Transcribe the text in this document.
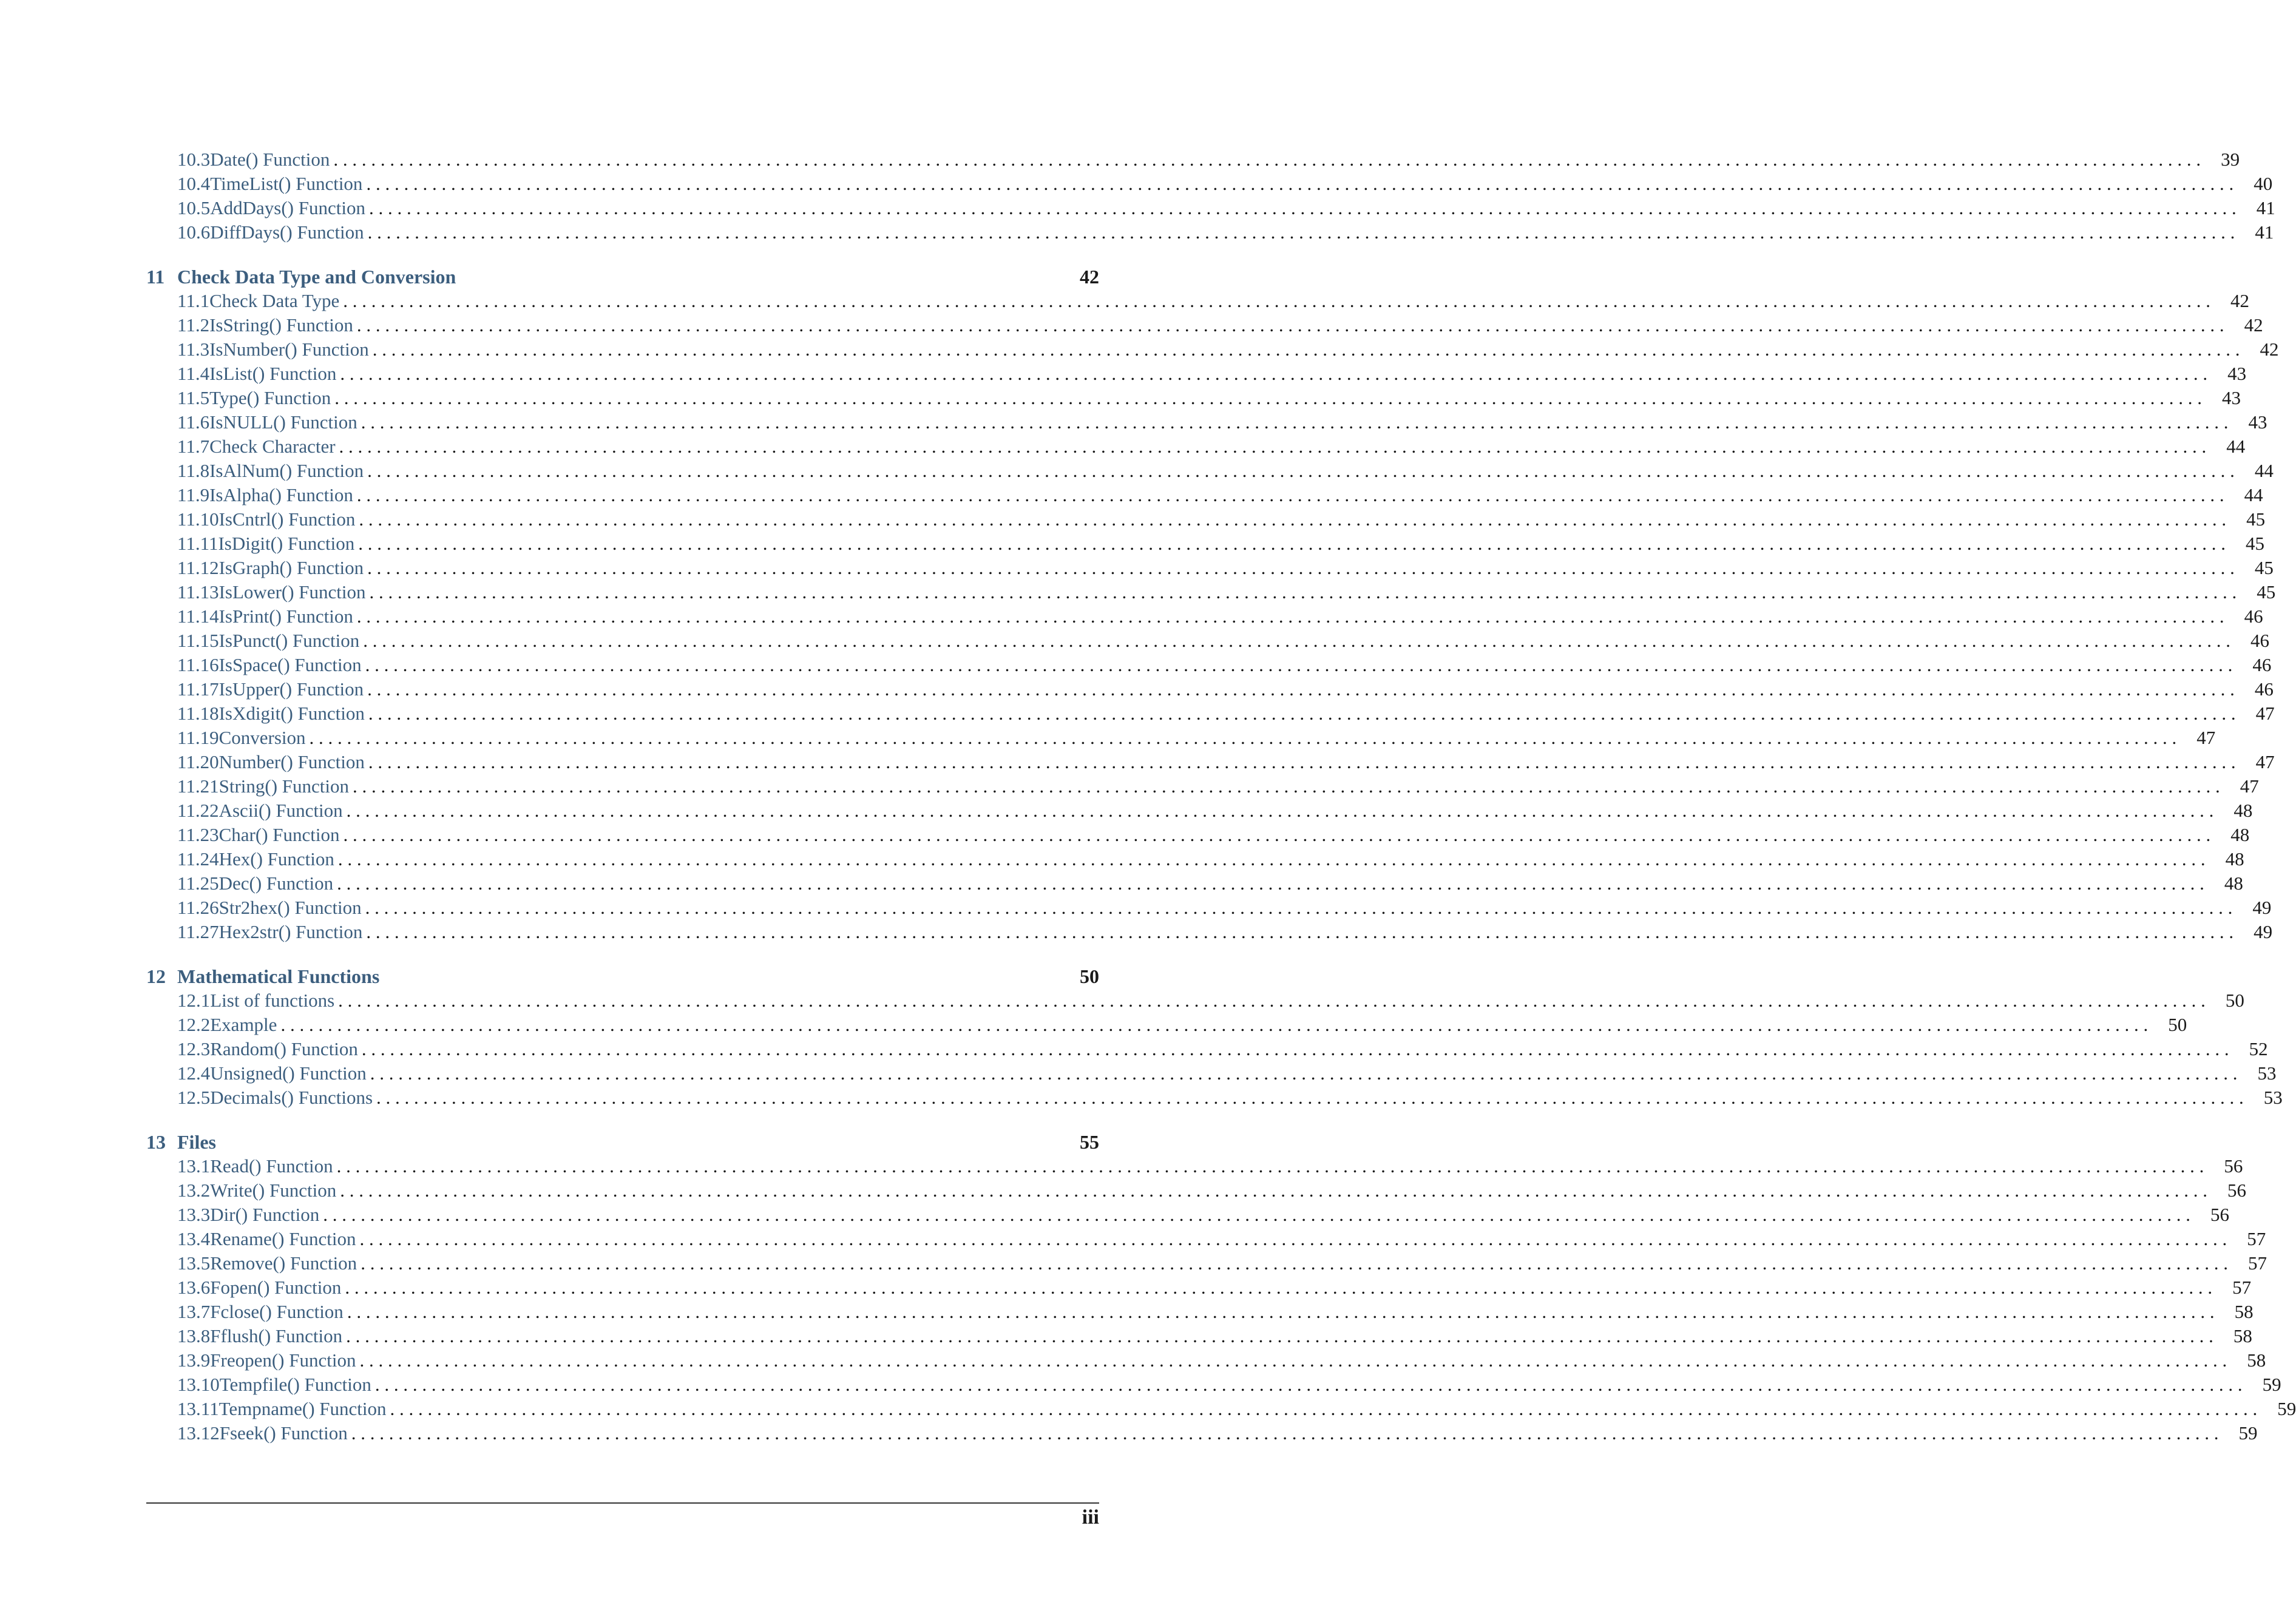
10.3 Date() Function . . . . . . . . . . . . . . . . . . . . . . . . . . . . . . . . . . . . . . . . . . . . . . . . . . . . . . . . . . . . . . . . . . . . . . . . . . . . . . . . . . . . . . . . . . . . . . . . . . . . . . . . . . . . . . . . . . . . . . . . . . . . . . . . . . . . . . . . . . . . . . . . . . . . . . . . . . . . . . . . . . . . . . . . . . . . . . . . . . . . . . . . . . . . . . . . . . . . . . . 39
10.4 TimeList() Function . . . . . . . . . . . . . . . . . . . . . . . . . . . . . . . . . . . . . . . . . . . . . . . . . . . . . . . . . . . . . . . . . . . . . . . . . . . . . . . . . . . . . . . . . . . . . . . . . . . . . . . . . . . . . . . . . . . . . . . . . . . . . . . . . . . . . . . . . . . . . . . . . . . . . . . . . . . . . . . . . . . . . . . . . . . . . . . . . . . . . . . . . . . . . . . . . . . . . . . 40
10.5 AddDays() Function . . . . . . . . . . . . . . . . . . . . . . . . . . . . . . . . . . . . . . . . . . . . . . . . . . . . . . . . . . . . . . . . . . . . . . . . . . . . . . . . . . . . . . . . . . . . . . . . . . . . . . . . . . . . . . . . . . . . . . . . . . . . . . . . . . . . . . . . . . . . . . . . . . . . . . . . . . . . . . . . . . . . . . . . . . . . . . . . . . . . . . . . . . . . . . . . . . . . . . . 41
10.6 DiffDays() Function . . . . . . . . . . . . . . . . . . . . . . . . . . . . . . . . . . . . . . . . . . . . . . . . . . . . . . . . . . . . . . . . . . . . . . . . . . . . . . . . . . . . . . . . . . . . . . . . . . . . . . . . . . . . . . . . . . . . . . . . . . . . . . . . . . . . . . . . . . . . . . . . . . . . . . . . . . . . . . . . . . . . . . . . . . . . . . . . . . . . . . . . . . . . . . . . . . . . . . . 41
11 Check Data Type and Conversion	42
11.1 Check Data Type . . . . . . . . . . . . . . . . . . . . . . . . . . . . . . . . . . . . . . . . . . . . . . . . . . . . . . . . . . . . . . . . . . . . . . . . . . . . . . . . . . . . . . . . . . . . . . . . . . . . . . . . . . . . . . . . . . . . . . . . . . . . . . . . . . . . . . . . . . . . . . . . . . . . . . . . . . . . . . . . . . . . . . . . . . . . . . . . . . . . . . . . . . . . . . . . . . . . . . . 42
11.2 IsString() Function . . . . . . . . . . . . . . . . . . . . . . . . . . . . . . . . . . . . . . . . . . . . . . . . . . . . . . . . . . . . . . . . . . . . . . . . . . . . . . . . . . . . . . . . . . . . . . . . . . . . . . . . . . . . . . . . . . . . . . . . . . . . . . . . . . . . . . . . . . . . . . . . . . . . . . . . . . . . . . . . . . . . . . . . . . . . . . . . . . . . . . . . . . . . . . . . . . . . . . . 42
11.3 IsNumber() Function . . . . . . . . . . . . . . . . . . . . . . . . . . . . . . . . . . . . . . . . . . . . . . . . . . . . . . . . . . . . . . . . . . . . . . . . . . . . . . . . . . . . . . . . . . . . . . . . . . . . . . . . . . . . . . . . . . . . . . . . . . . . . . . . . . . . . . . . . . . . . . . . . . . . . . . . . . . . . . . . . . . . . . . . . . . . . . . . . . . . . . . . . . . . . . . . . . . . . . . 42
11.4 IsList() Function . . . . . . . . . . . . . . . . . . . . . . . . . . . . . . . . . . . . . . . . . . . . . . . . . . . . . . . . . . . . . . . . . . . . . . . . . . . . . . . . . . . . . . . . . . . . . . . . . . . . . . . . . . . . . . . . . . . . . . . . . . . . . . . . . . . . . . . . . . . . . . . . . . . . . . . . . . . . . . . . . . . . . . . . . . . . . . . . . . . . . . . . . . . . . . . . . . . . . . . 43
11.5 Type() Function . . . . . . . . . . . . . . . . . . . . . . . . . . . . . . . . . . . . . . . . . . . . . . . . . . . . . . . . . . . . . . . . . . . . . . . . . . . . . . . . . . . . . . . . . . . . . . . . . . . . . . . . . . . . . . . . . . . . . . . . . . . . . . . . . . . . . . . . . . . . . . . . . . . . . . . . . . . . . . . . . . . . . . . . . . . . . . . . . . . . . . . . . . . . . . . . . . . . . . . 43
11.6 IsNULL() Function . . . . . . . . . . . . . . . . . . . . . . . . . . . . . . . . . . . . . . . . . . . . . . . . . . . . . . . . . . . . . . . . . . . . . . . . . . . . . . . . . . . . . . . . . . . . . . . . . . . . . . . . . . . . . . . . . . . . . . . . . . . . . . . . . . . . . . . . . . . . . . . . . . . . . . . . . . . . . . . . . . . . . . . . . . . . . . . . . . . . . . . . . . . . . . . . . . . . . . . 43
11.7 Check Character . . . . . . . . . . . . . . . . . . . . . . . . . . . . . . . . . . . . . . . . . . . . . . . . . . . . . . . . . . . . . . . . . . . . . . . . . . . . . . . . . . . . . . . . . . . . . . . . . . . . . . . . . . . . . . . . . . . . . . . . . . . . . . . . . . . . . . . . . . . . . . . . . . . . . . . . . . . . . . . . . . . . . . . . . . . . . . . . . . . . . . . . . . . . . . . . . . . . . . . 44
11.8 IsAlNum() Function . . . . . . . . . . . . . . . . . . . . . . . . . . . . . . . . . . . . . . . . . . . . . . . . . . . . . . . . . . . . . . . . . . . . . . . . . . . . . . . . . . . . . . . . . . . . . . . . . . . . . . . . . . . . . . . . . . . . . . . . . . . . . . . . . . . . . . . . . . . . . . . . . . . . . . . . . . . . . . . . . . . . . . . . . . . . . . . . . . . . . . . . . . . . . . . . . . . . . . . 44
11.9 IsAlpha() Function . . . . . . . . . . . . . . . . . . . . . . . . . . . . . . . . . . . . . . . . . . . . . . . . . . . . . . . . . . . . . . . . . . . . . . . . . . . . . . . . . . . . . . . . . . . . . . . . . . . . . . . . . . . . . . . . . . . . . . . . . . . . . . . . . . . . . . . . . . . . . . . . . . . . . . . . . . . . . . . . . . . . . . . . . . . . . . . . . . . . . . . . . . . . . . . . . . . . . . . 44
11.10 IsCntrl() Function . . . . . . . . . . . . . . . . . . . . . . . . . . . . . . . . . . . . . . . . . . . . . . . . . . . . . . . . . . . . . . . . . . . . . . . . . . . . . . . . . . . . . . . . . . . . . . . . . . . . . . . . . . . . . . . . . . . . . . . . . . . . . . . . . . . . . . . . . . . . . . . . . . . . . . . . . . . . . . . . . . . . . . . . . . . . . . . . . . . . . . . . . . . . . . . . . . . . . . . 45
11.11 IsDigit() Function . . . . . . . . . . . . . . . . . . . . . . . . . . . . . . . . . . . . . . . . . . . . . . . . . . . . . . . . . . . . . . . . . . . . . . . . . . . . . . . . . . . . . . . . . . . . . . . . . . . . . . . . . . . . . . . . . . . . . . . . . . . . . . . . . . . . . . . . . . . . . . . . . . . . . . . . . . . . . . . . . . . . . . . . . . . . . . . . . . . . . . . . . . . . . . . . . . . . . . . 45
11.12 IsGraph() Function . . . . . . . . . . . . . . . . . . . . . . . . . . . . . . . . . . . . . . . . . . . . . . . . . . . . . . . . . . . . . . . . . . . . . . . . . . . . . . . . . . . . . . . . . . . . . . . . . . . . . . . . . . . . . . . . . . . . . . . . . . . . . . . . . . . . . . . . . . . . . . . . . . . . . . . . . . . . . . . . . . . . . . . . . . . . . . . . . . . . . . . . . . . . . . . . . . . . . . . 45
11.13 IsLower() Function . . . . . . . . . . . . . . . . . . . . . . . . . . . . . . . . . . . . . . . . . . . . . . . . . . . . . . . . . . . . . . . . . . . . . . . . . . . . . . . . . . . . . . . . . . . . . . . . . . . . . . . . . . . . . . . . . . . . . . . . . . . . . . . . . . . . . . . . . . . . . . . . . . . . . . . . . . . . . . . . . . . . . . . . . . . . . . . . . . . . . . . . . . . . . . . . . . . . . . . 45
11.14 IsPrint() Function . . . . . . . . . . . . . . . . . . . . . . . . . . . . . . . . . . . . . . . . . . . . . . . . . . . . . . . . . . . . . . . . . . . . . . . . . . . . . . . . . . . . . . . . . . . . . . . . . . . . . . . . . . . . . . . . . . . . . . . . . . . . . . . . . . . . . . . . . . . . . . . . . . . . . . . . . . . . . . . . . . . . . . . . . . . . . . . . . . . . . . . . . . . . . . . . . . . . . . . 46
11.15 IsPunct() Function . . . . . . . . . . . . . . . . . . . . . . . . . . . . . . . . . . . . . . . . . . . . . . . . . . . . . . . . . . . . . . . . . . . . . . . . . . . . . . . . . . . . . . . . . . . . . . . . . . . . . . . . . . . . . . . . . . . . . . . . . . . . . . . . . . . . . . . . . . . . . . . . . . . . . . . . . . . . . . . . . . . . . . . . . . . . . . . . . . . . . . . . . . . . . . . . . . . . . . . 46
11.16 IsSpace() Function . . . . . . . . . . . . . . . . . . . . . . . . . . . . . . . . . . . . . . . . . . . . . . . . . . . . . . . . . . . . . . . . . . . . . . . . . . . . . . . . . . . . . . . . . . . . . . . . . . . . . . . . . . . . . . . . . . . . . . . . . . . . . . . . . . . . . . . . . . . . . . . . . . . . . . . . . . . . . . . . . . . . . . . . . . . . . . . . . . . . . . . . . . . . . . . . . . . . . . . 46
11.17 IsUpper() Function . . . . . . . . . . . . . . . . . . . . . . . . . . . . . . . . . . . . . . . . . . . . . . . . . . . . . . . . . . . . . . . . . . . . . . . . . . . . . . . . . . . . . . . . . . . . . . . . . . . . . . . . . . . . . . . . . . . . . . . . . . . . . . . . . . . . . . . . . . . . . . . . . . . . . . . . . . . . . . . . . . . . . . . . . . . . . . . . . . . . . . . . . . . . . . . . . . . . . . . 46
11.18 IsXdigit() Function . . . . . . . . . . . . . . . . . . . . . . . . . . . . . . . . . . . . . . . . . . . . . . . . . . . . . . . . . . . . . . . . . . . . . . . . . . . . . . . . . . . . . . . . . . . . . . . . . . . . . . . . . . . . . . . . . . . . . . . . . . . . . . . . . . . . . . . . . . . . . . . . . . . . . . . . . . . . . . . . . . . . . . . . . . . . . . . . . . . . . . . . . . . . . . . . . . . . . . . 47
11.19 Conversion . . . . . . . . . . . . . . . . . . . . . . . . . . . . . . . . . . . . . . . . . . . . . . . . . . . . . . . . . . . . . . . . . . . . . . . . . . . . . . . . . . . . . . . . . . . . . . . . . . . . . . . . . . . . . . . . . . . . . . . . . . . . . . . . . . . . . . . . . . . . . . . . . . . . . . . . . . . . . . . . . . . . . . . . . . . . . . . . . . . . . . . . . . . . . . . . . . . . . . . 47
11.20 Number() Function . . . . . . . . . . . . . . . . . . . . . . . . . . . . . . . . . . . . . . . . . . . . . . . . . . . . . . . . . . . . . . . . . . . . . . . . . . . . . . . . . . . . . . . . . . . . . . . . . . . . . . . . . . . . . . . . . . . . . . . . . . . . . . . . . . . . . . . . . . . . . . . . . . . . . . . . . . . . . . . . . . . . . . . . . . . . . . . . . . . . . . . . . . . . . . . . . . . . . . . 47
11.21 String() Function . . . . . . . . . . . . . . . . . . . . . . . . . . . . . . . . . . . . . . . . . . . . . . . . . . . . . . . . . . . . . . . . . . . . . . . . . . . . . . . . . . . . . . . . . . . . . . . . . . . . . . . . . . . . . . . . . . . . . . . . . . . . . . . . . . . . . . . . . . . . . . . . . . . . . . . . . . . . . . . . . . . . . . . . . . . . . . . . . . . . . . . . . . . . . . . . . . . . . . . 47
11.22 Ascii() Function . . . . . . . . . . . . . . . . . . . . . . . . . . . . . . . . . . . . . . . . . . . . . . . . . . . . . . . . . . . . . . . . . . . . . . . . . . . . . . . . . . . . . . . . . . . . . . . . . . . . . . . . . . . . . . . . . . . . . . . . . . . . . . . . . . . . . . . . . . . . . . . . . . . . . . . . . . . . . . . . . . . . . . . . . . . . . . . . . . . . . . . . . . . . . . . . . . . . . . . 48
11.23 Char() Function . . . . . . . . . . . . . . . . . . . . . . . . . . . . . . . . . . . . . . . . . . . . . . . . . . . . . . . . . . . . . . . . . . . . . . . . . . . . . . . . . . . . . . . . . . . . . . . . . . . . . . . . . . . . . . . . . . . . . . . . . . . . . . . . . . . . . . . . . . . . . . . . . . . . . . . . . . . . . . . . . . . . . . . . . . . . . . . . . . . . . . . . . . . . . . . . . . . . . . . 48
11.24 Hex() Function . . . . . . . . . . . . . . . . . . . . . . . . . . . . . . . . . . . . . . . . . . . . . . . . . . . . . . . . . . . . . . . . . . . . . . . . . . . . . . . . . . . . . . . . . . . . . . . . . . . . . . . . . . . . . . . . . . . . . . . . . . . . . . . . . . . . . . . . . . . . . . . . . . . . . . . . . . . . . . . . . . . . . . . . . . . . . . . . . . . . . . . . . . . . . . . . . . . . . . . 48
11.25 Dec() Function . . . . . . . . . . . . . . . . . . . . . . . . . . . . . . . . . . . . . . . . . . . . . . . . . . . . . . . . . . . . . . . . . . . . . . . . . . . . . . . . . . . . . . . . . . . . . . . . . . . . . . . . . . . . . . . . . . . . . . . . . . . . . . . . . . . . . . . . . . . . . . . . . . . . . . . . . . . . . . . . . . . . . . . . . . . . . . . . . . . . . . . . . . . . . . . . . . . . . . . 48
11.26 Str2hex() Function . . . . . . . . . . . . . . . . . . . . . . . . . . . . . . . . . . . . . . . . . . . . . . . . . . . . . . . . . . . . . . . . . . . . . . . . . . . . . . . . . . . . . . . . . . . . . . . . . . . . . . . . . . . . . . . . . . . . . . . . . . . . . . . . . . . . . . . . . . . . . . . . . . . . . . . . . . . . . . . . . . . . . . . . . . . . . . . . . . . . . . . . . . . . . . . . . . . . . . . 49
11.27 Hex2str() Function . . . . . . . . . . . . . . . . . . . . . . . . . . . . . . . . . . . . . . . . . . . . . . . . . . . . . . . . . . . . . . . . . . . . . . . . . . . . . . . . . . . . . . . . . . . . . . . . . . . . . . . . . . . . . . . . . . . . . . . . . . . . . . . . . . . . . . . . . . . . . . . . . . . . . . . . . . . . . . . . . . . . . . . . . . . . . . . . . . . . . . . . . . . . . . . . . . . . . . . 49
12 Mathematical Functions	50
12.1 List of functions . . . . . . . . . . . . . . . . . . . . . . . . . . . . . . . . . . . . . . . . . . . . . . . . . . . . . . . . . . . . . . . . . . . . . . . . . . . . . . . . . . . . . . . . . . . . . . . . . . . . . . . . . . . . . . . . . . . . . . . . . . . . . . . . . . . . . . . . . . . . . . . . . . . . . . . . . . . . . . . . . . . . . . . . . . . . . . . . . . . . . . . . . . . . . . . . . . . . . . . 50
12.2 Example . . . . . . . . . . . . . . . . . . . . . . . . . . . . . . . . . . . . . . . . . . . . . . . . . . . . . . . . . . . . . . . . . . . . . . . . . . . . . . . . . . . . . . . . . . . . . . . . . . . . . . . . . . . . . . . . . . . . . . . . . . . . . . . . . . . . . . . . . . . . . . . . . . . . . . . . . . . . . . . . . . . . . . . . . . . . . . . . . . . . . . . . . . . . . . . . . . . . . . . 50
12.3 Random() Function . . . . . . . . . . . . . . . . . . . . . . . . . . . . . . . . . . . . . . . . . . . . . . . . . . . . . . . . . . . . . . . . . . . . . . . . . . . . . . . . . . . . . . . . . . . . . . . . . . . . . . . . . . . . . . . . . . . . . . . . . . . . . . . . . . . . . . . . . . . . . . . . . . . . . . . . . . . . . . . . . . . . . . . . . . . . . . . . . . . . . . . . . . . . . . . . . . . . . . . 52
12.4 Unsigned() Function . . . . . . . . . . . . . . . . . . . . . . . . . . . . . . . . . . . . . . . . . . . . . . . . . . . . . . . . . . . . . . . . . . . . . . . . . . . . . . . . . . . . . . . . . . . . . . . . . . . . . . . . . . . . . . . . . . . . . . . . . . . . . . . . . . . . . . . . . . . . . . . . . . . . . . . . . . . . . . . . . . . . . . . . . . . . . . . . . . . . . . . . . . . . . . . . . . . . . . . 53
12.5 Decimals() Functions . . . . . . . . . . . . . . . . . . . . . . . . . . . . . . . . . . . . . . . . . . . . . . . . . . . . . . . . . . . . . . . . . . . . . . . . . . . . . . . . . . . . . . . . . . . . . . . . . . . . . . . . . . . . . . . . . . . . . . . . . . . . . . . . . . . . . . . . . . . . . . . . . . . . . . . . . . . . . . . . . . . . . . . . . . . . . . . . . . . . . . . . . . . . . . . . . . . . . . . 53
13 Files	55
13.1 Read() Function . . . . . . . . . . . . . . . . . . . . . . . . . . . . . . . . . . . . . . . . . . . . . . . . . . . . . . . . . . . . . . . . . . . . . . . . . . . . . . . . . . . . . . . . . . . . . . . . . . . . . . . . . . . . . . . . . . . . . . . . . . . . . . . . . . . . . . . . . . . . . . . . . . . . . . . . . . . . . . . . . . . . . . . . . . . . . . . . . . . . . . . . . . . . . . . . . . . . . . . 56
13.2 Write() Function . . . . . . . . . . . . . . . . . . . . . . . . . . . . . . . . . . . . . . . . . . . . . . . . . . . . . . . . . . . . . . . . . . . . . . . . . . . . . . . . . . . . . . . . . . . . . . . . . . . . . . . . . . . . . . . . . . . . . . . . . . . . . . . . . . . . . . . . . . . . . . . . . . . . . . . . . . . . . . . . . . . . . . . . . . . . . . . . . . . . . . . . . . . . . . . . . . . . . . . 56
13.3 Dir() Function . . . . . . . . . . . . . . . . . . . . . . . . . . . . . . . . . . . . . . . . . . . . . . . . . . . . . . . . . . . . . . . . . . . . . . . . . . . . . . . . . . . . . . . . . . . . . . . . . . . . . . . . . . . . . . . . . . . . . . . . . . . . . . . . . . . . . . . . . . . . . . . . . . . . . . . . . . . . . . . . . . . . . . . . . . . . . . . . . . . . . . . . . . . . . . . . . . . . . . . 56
13.4 Rename() Function . . . . . . . . . . . . . . . . . . . . . . . . . . . . . . . . . . . . . . . . . . . . . . . . . . . . . . . . . . . . . . . . . . . . . . . . . . . . . . . . . . . . . . . . . . . . . . . . . . . . . . . . . . . . . . . . . . . . . . . . . . . . . . . . . . . . . . . . . . . . . . . . . . . . . . . . . . . . . . . . . . . . . . . . . . . . . . . . . . . . . . . . . . . . . . . . . . . . . . . 57
13.5 Remove() Function . . . . . . . . . . . . . . . . . . . . . . . . . . . . . . . . . . . . . . . . . . . . . . . . . . . . . . . . . . . . . . . . . . . . . . . . . . . . . . . . . . . . . . . . . . . . . . . . . . . . . . . . . . . . . . . . . . . . . . . . . . . . . . . . . . . . . . . . . . . . . . . . . . . . . . . . . . . . . . . . . . . . . . . . . . . . . . . . . . . . . . . . . . . . . . . . . . . . . . . 57
13.6 Fopen() Function . . . . . . . . . . . . . . . . . . . . . . . . . . . . . . . . . . . . . . . . . . . . . . . . . . . . . . . . . . . . . . . . . . . . . . . . . . . . . . . . . . . . . . . . . . . . . . . . . . . . . . . . . . . . . . . . . . . . . . . . . . . . . . . . . . . . . . . . . . . . . . . . . . . . . . . . . . . . . . . . . . . . . . . . . . . . . . . . . . . . . . . . . . . . . . . . . . . . . . . 57
13.7 Fclose() Function . . . . . . . . . . . . . . . . . . . . . . . . . . . . . . . . . . . . . . . . . . . . . . . . . . . . . . . . . . . . . . . . . . . . . . . . . . . . . . . . . . . . . . . . . . . . . . . . . . . . . . . . . . . . . . . . . . . . . . . . . . . . . . . . . . . . . . . . . . . . . . . . . . . . . . . . . . . . . . . . . . . . . . . . . . . . . . . . . . . . . . . . . . . . . . . . . . . . . . . 58
13.8 Fflush() Function . . . . . . . . . . . . . . . . . . . . . . . . . . . . . . . . . . . . . . . . . . . . . . . . . . . . . . . . . . . . . . . . . . . . . . . . . . . . . . . . . . . . . . . . . . . . . . . . . . . . . . . . . . . . . . . . . . . . . . . . . . . . . . . . . . . . . . . . . . . . . . . . . . . . . . . . . . . . . . . . . . . . . . . . . . . . . . . . . . . . . . . . . . . . . . . . . . . . . . . 58
13.9 Freopen() Function . . . . . . . . . . . . . . . . . . . . . . . . . . . . . . . . . . . . . . . . . . . . . . . . . . . . . . . . . . . . . . . . . . . . . . . . . . . . . . . . . . . . . . . . . . . . . . . . . . . . . . . . . . . . . . . . . . . . . . . . . . . . . . . . . . . . . . . . . . . . . . . . . . . . . . . . . . . . . . . . . . . . . . . . . . . . . . . . . . . . . . . . . . . . . . . . . . . . . . . 58
13.10 Tempfile() Function . . . . . . . . . . . . . . . . . . . . . . . . . . . . . . . . . . . . . . . . . . . . . . . . . . . . . . . . . . . . . . . . . . . . . . . . . . . . . . . . . . . . . . . . . . . . . . . . . . . . . . . . . . . . . . . . . . . . . . . . . . . . . . . . . . . . . . . . . . . . . . . . . . . . . . . . . . . . . . . . . . . . . . . . . . . . . . . . . . . . . . . . . . . . . . . . . . . . . . . 59
13.11 Tempname() Function . . . . . . . . . . . . . . . . . . . . . . . . . . . . . . . . . . . . . . . . . . . . . . . . . . . . . . . . . . . . . . . . . . . . . . . . . . . . . . . . . . . . . . . . . . . . . . . . . . . . . . . . . . . . . . . . . . . . . . . . . . . . . . . . . . . . . . . . . . . . . . . . . . . . . . . . . . . . . . . . . . . . . . . . . . . . . . . . . . . . . . . . . . . . . . . . . . . . . . . 59
13.12 Fseek() Function . . . . . . . . . . . . . . . . . . . . . . . . . . . . . . . . . . . . . . . . . . . . . . . . . . . . . . . . . . . . . . . . . . . . . . . . . . . . . . . . . . . . . . . . . . . . . . . . . . . . . . . . . . . . . . . . . . . . . . . . . . . . . . . . . . . . . . . . . . . . . . . . . . . . . . . . . . . . . . . . . . . . . . . . . . . . . . . . . . . . . . . . . . . . . . . . . . . . . . . 59
iii
